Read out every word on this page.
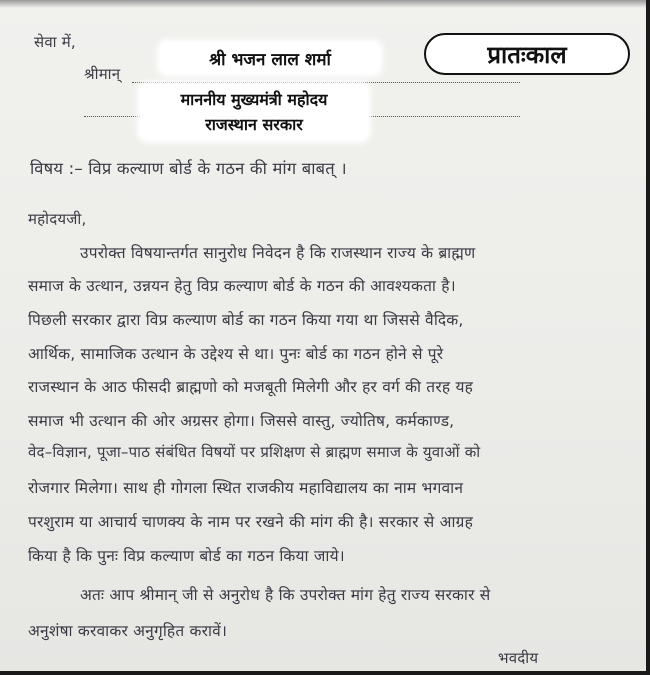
सेवा में,
श्रीमान्
श्री भजन लाल शर्मा
माननीय मुख्यमंत्री महोदय
राजस्थान सरकार
प्रातःकाल
विषय :– विप्र कल्याण बोर्ड के गठन की मांग बाबत् ।
महोदयजी,
उपरोक्त विषयान्तर्गत सानुरोध निवेदन है कि राजस्थान राज्य के ब्राह्मण
समाज के उत्थान, उन्नयन हेतु विप्र कल्याण बोर्ड के गठन की आवश्यकता है।
पिछली सरकार द्वारा विप्र कल्याण बोर्ड का गठन किया गया था जिससे वैदिक,
आर्थिक, सामाजिक उत्थान के उद्देश्य से था। पुनः बोर्ड का गठन होने से पूरे
राजस्थान के आठ फीसदी ब्राह्मणो को मजबूती मिलेगी और हर वर्ग की तरह यह
समाज भी उत्थान की ओर अग्रसर होगा। जिससे वास्तु, ज्योतिष, कर्मकाण्ड,
वेद–विज्ञान, पूजा–पाठ संबंधित विषयों पर प्रशिक्षण से ब्राह्मण समाज के युवाओं को
रोजगार मिलेगा। साथ ही गोगला स्थित राजकीय महाविद्यालय का नाम भगवान
परशुराम या आचार्य चाणक्य के नाम पर रखने की मांग की है। सरकार से आग्रह
किया है कि पुनः विप्र कल्याण बोर्ड का गठन किया जाये।
अतः आप श्रीमान् जी से अनुरोध है कि उपरोक्त मांग हेतु राज्य सरकार से
अनुशंषा करवाकर अनुगृहित करावें।
भवदीय
